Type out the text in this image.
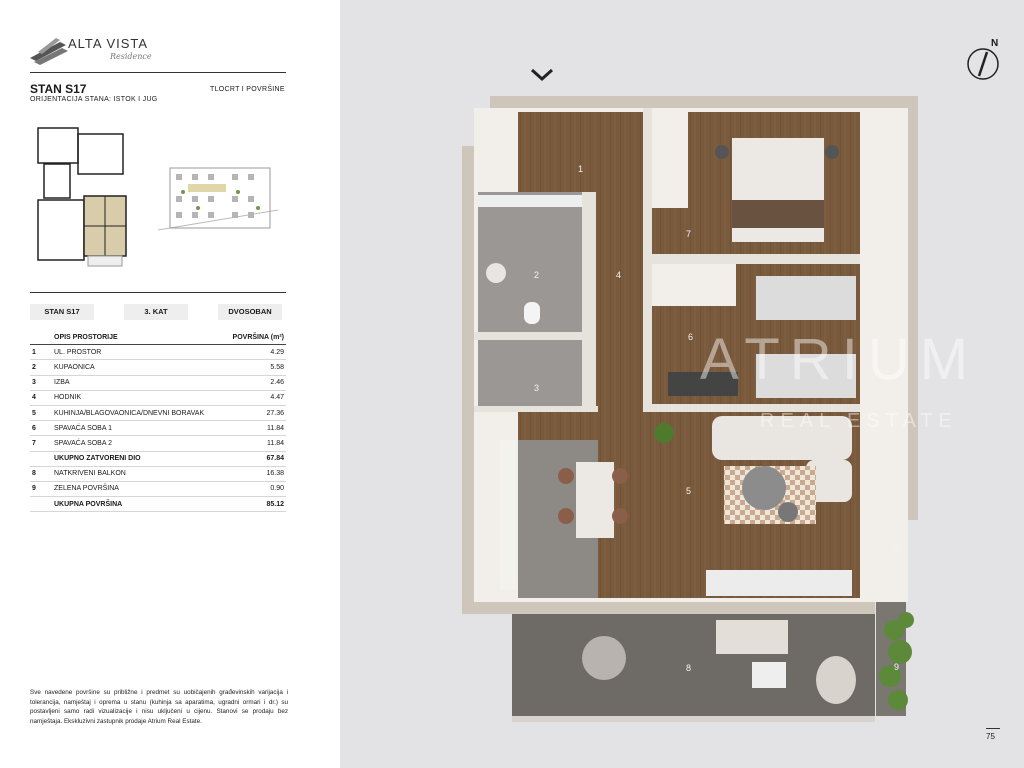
ALTA VISTA
Residence
STAN S17
ORIJENTACIJA STANA: ISTOK I JUG
TLOCRT I POVRŠINE
STAN S17	3. KAT	DVOSOBAN
	OPIS PROSTORIJE	POVRŠINA (m²)
1	UL. PROSTOR	4.29
2	KUPAONICA	5.58
3	IZBA	2.46
4	HODNIK	4.47
5	KUHINJA/BLAGOVAONICA/DNEVNI BORAVAK	27.36
6	SPAVAĆA SOBA 1	11.84
7	SPAVAĆA SOBA 2	11.84
	UKUPNO ZATVORENI DIO	67.84
8	NATKRIVENI BALKON	16.38
9	ZELENA POVRŠINA	0.90
	UKUPNA POVRŠINA	85.12
Sve navedene površine su približne i predmet su uobičajenih građevinskih varijacija i tolerancija, namještaj i oprema u stanu (kuhinja sa aparatima, ugradni ormari i dr.) su postavljeni samo radi vizualizacije i nisu uključeni u cijenu. Stanovi se prodaju bez namještaja. Ekskluzivni zastupnik prodaje Atrium Real Estate.
1
2
3
4
5
6
7
8
9
9
ATRIUM
REAL ESTATE
N
75
